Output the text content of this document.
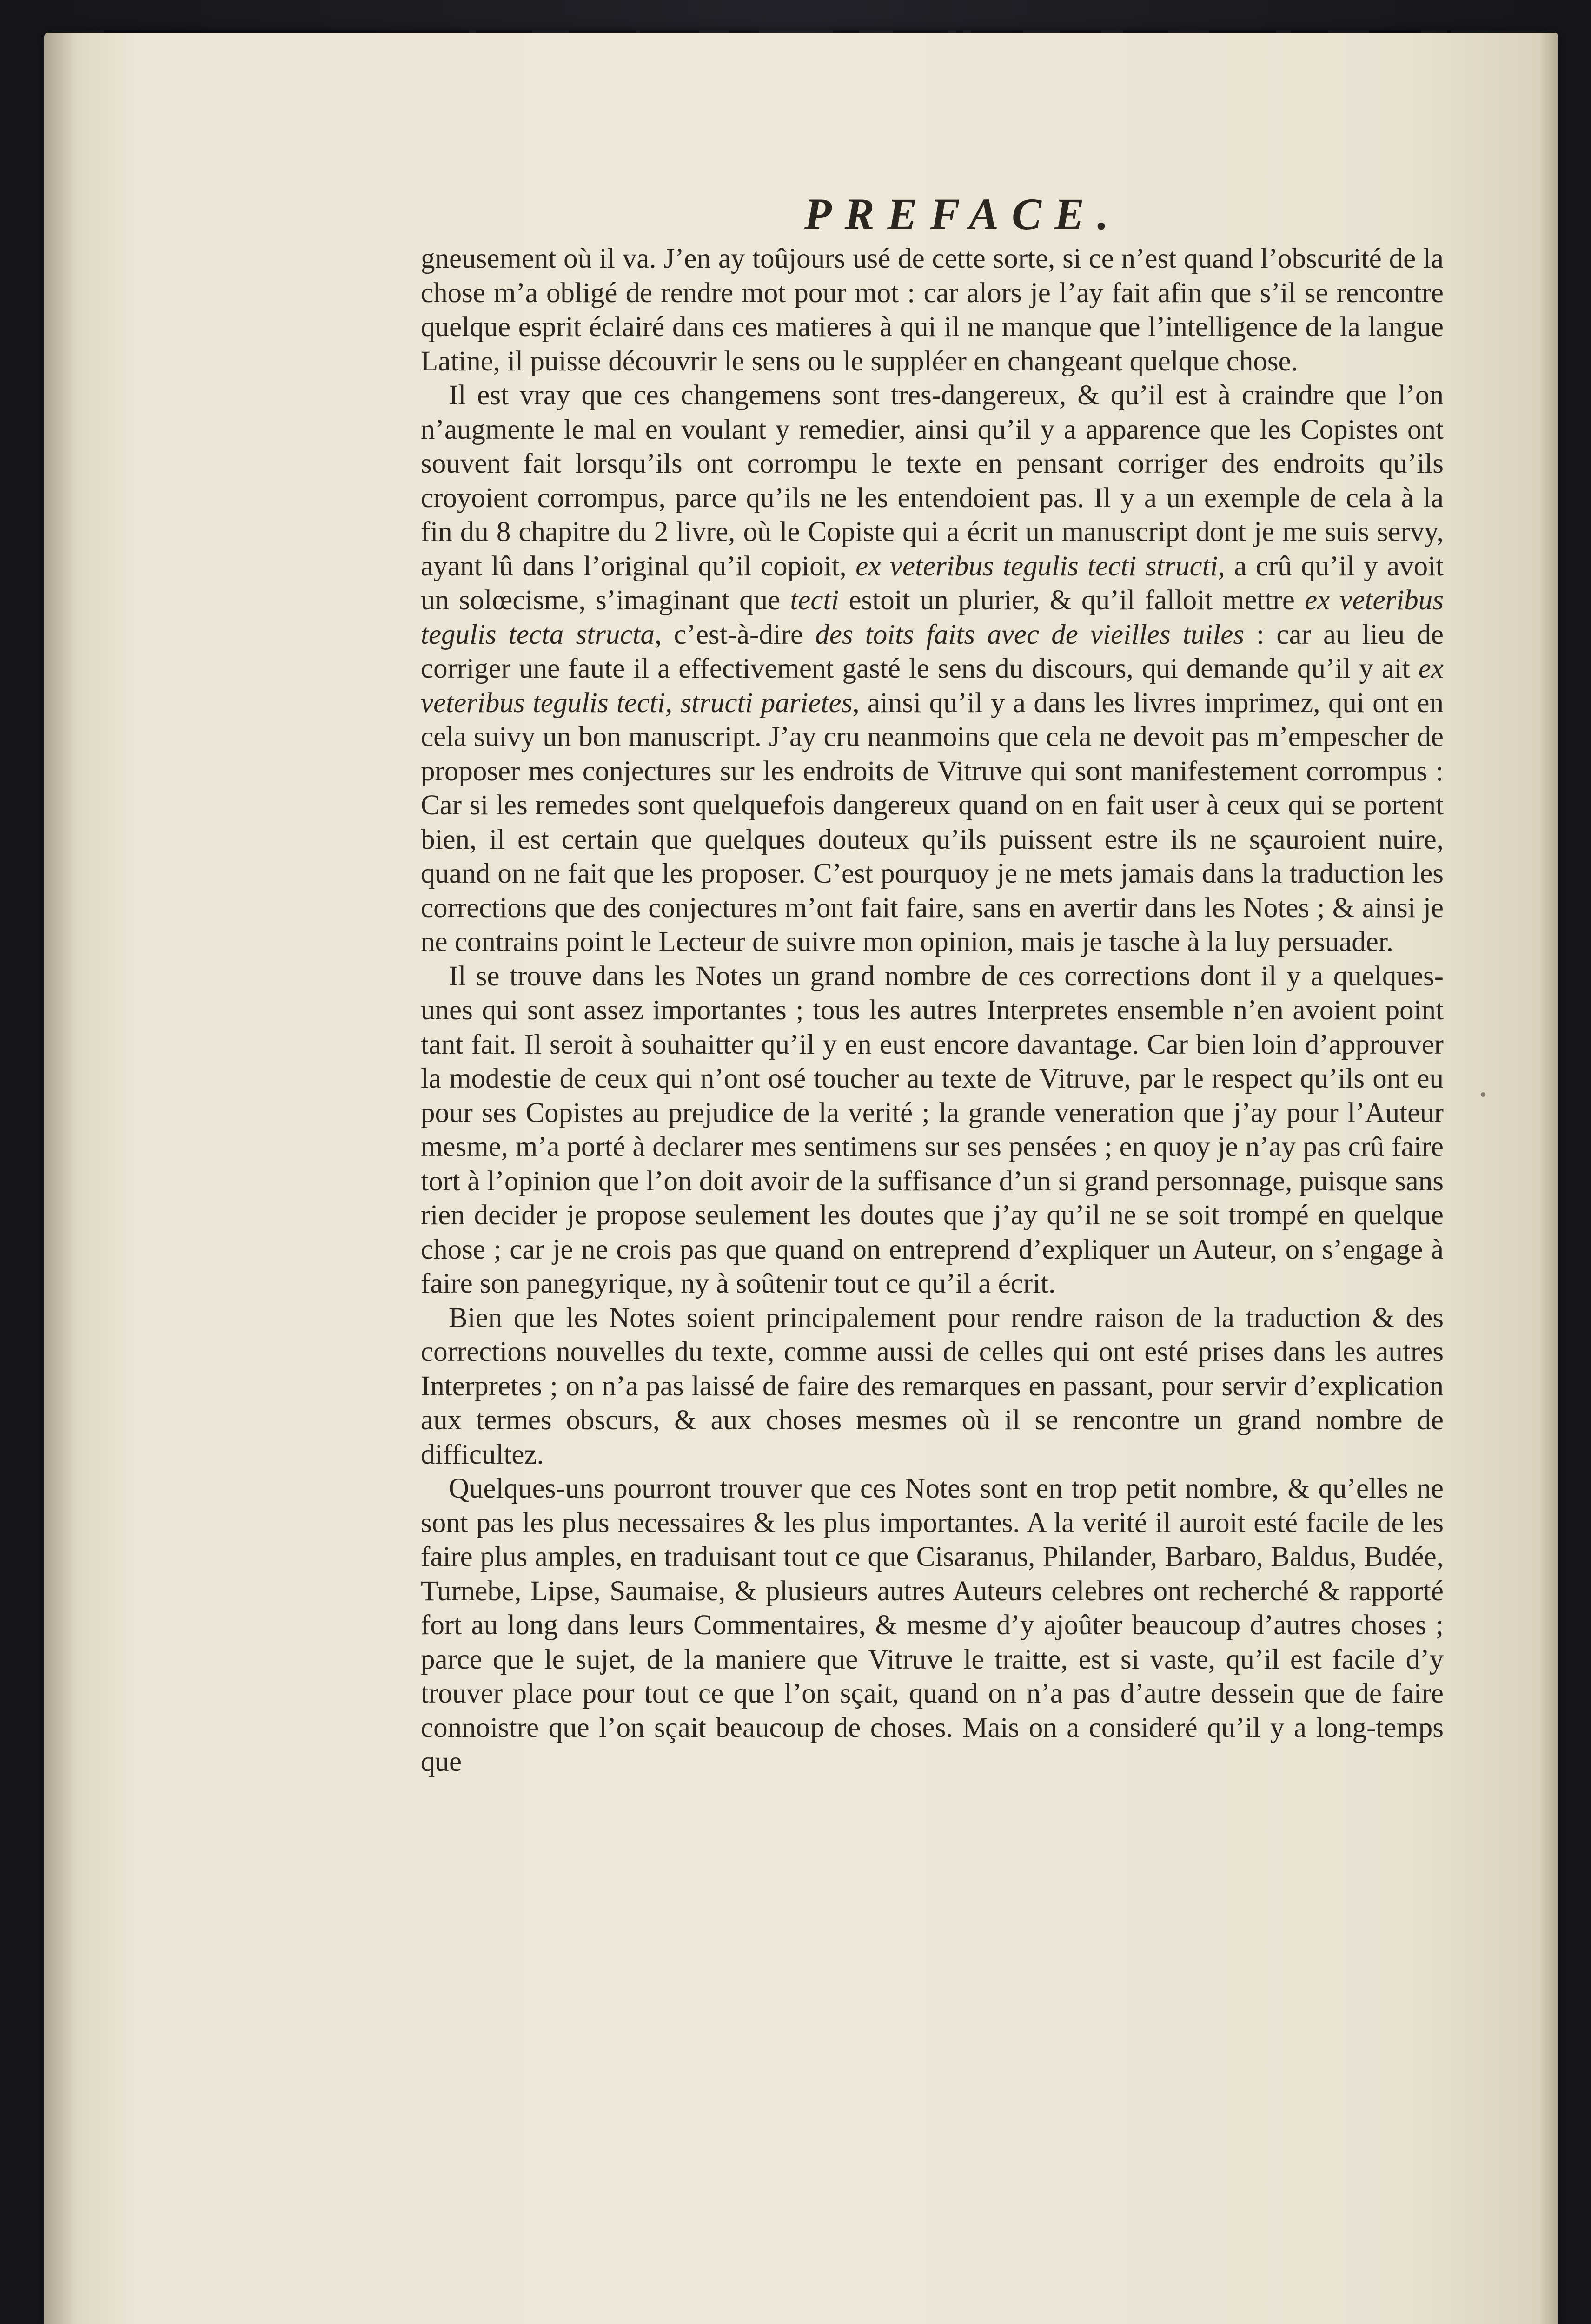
PREFACE.

gneusement où il va. J’en ay toûjours usé de cette sorte, si ce n’est quand l’obscurité de la chose m’a obligé de rendre mot pour mot : car alors je l’ay fait afin que s’il se rencontre quelque esprit éclairé dans ces matieres à qui il ne manque que l’intelligence de la langue Latine, il puisse découvrir le sens ou le suppléer en changeant quelque chose.

Il est vray que ces changemens sont tres-dangereux, & qu’il est à craindre que l’on n’augmente le mal en voulant y remedier, ainsi qu’il y a apparence que les Copistes ont souvent fait lorsqu’ils ont corrompu le texte en pensant corriger des endroits qu’ils croyoient corrompus, parce qu’ils ne les entendoient pas. Il y a un exemple de cela à la fin du 8 chapitre du 2 livre, où le Copiste qui a écrit un manuscript dont je me suis servy, ayant lû dans l’original qu’il copioit, ex veteribus tegulis tecti structi, a crû qu’il y avoit un solœcisme, s’imaginant que tecti estoit un plurier, & qu’il falloit mettre ex veteribus tegulis tecta structa, c’est-à-dire des toits faits avec de vieilles tuiles : car au lieu de corriger une faute il a effectivement gasté le sens du discours, qui demande qu’il y ait ex veteribus tegulis tecti, structi parietes, ainsi qu’il y a dans les livres imprimez, qui ont en cela suivy un bon manuscript. J’ay cru neanmoins que cela ne devoit pas m’empescher de proposer mes conjectures sur les endroits de Vitruve qui sont manifestement corrompus : Car si les remedes sont quelquefois dangereux quand on en fait user à ceux qui se portent bien, il est certain que quelques douteux qu’ils puissent estre ils ne sçauroient nuire, quand on ne fait que les proposer. C’est pourquoy je ne mets jamais dans la traduction les corrections que des conjectures m’ont fait faire, sans en avertir dans les Notes ; & ainsi je ne contrains point le Lecteur de suivre mon opinion, mais je tasche à la luy persuader.

Il se trouve dans les Notes un grand nombre de ces corrections dont il y a quelques-unes qui sont assez importantes ; tous les autres Interpretes ensemble n’en avoient point tant fait. Il seroit à souhaitter qu’il y en eust encore davantage. Car bien loin d’approuver la modestie de ceux qui n’ont osé toucher au texte de Vitruve, par le respect qu’ils ont eu pour ses Copistes au prejudice de la verité ; la grande veneration que j’ay pour l’Auteur mesme, m’a porté à declarer mes sentimens sur ses pensées ; en quoy je n’ay pas crû faire tort à l’opinion que l’on doit avoir de la suffisance d’un si grand personnage, puisque sans rien decider je propose seulement les doutes que j’ay qu’il ne se soit trompé en quelque chose ; car je ne crois pas que quand on entreprend d’expliquer un Auteur, on s’engage à faire son panegyrique, ny à soûtenir tout ce qu’il a écrit.

Bien que les Notes soient principalement pour rendre raison de la traduction & des corrections nouvelles du texte, comme aussi de celles qui ont esté prises dans les autres Interpretes ; on n’a pas laissé de faire des remarques en passant, pour servir d’explication aux termes obscurs, & aux choses mesmes où il se rencontre un grand nombre de difficultez.

Quelques-uns pourront trouver que ces Notes sont en trop petit nombre, & qu’elles ne sont pas les plus necessaires & les plus importantes. A la verité il auroit esté facile de les faire plus amples, en traduisant tout ce que Cisaranus, Philander, Barbaro, Baldus, Budée, Turnebe, Lipse, Saumaise, & plusieurs autres Auteurs celebres ont recherché & rapporté fort au long dans leurs Commentaires, & mesme d’y ajoûter beaucoup d’autres choses ; parce que le sujet, de la maniere que Vitruve le traitte, est si vaste, qu’il est facile d’y trouver place pour tout ce que l’on sçait, quand on n’a pas d’autre dessein que de faire connoistre que l’on sçait beaucoup de choses. Mais on a consideré qu’il y a long-temps que
